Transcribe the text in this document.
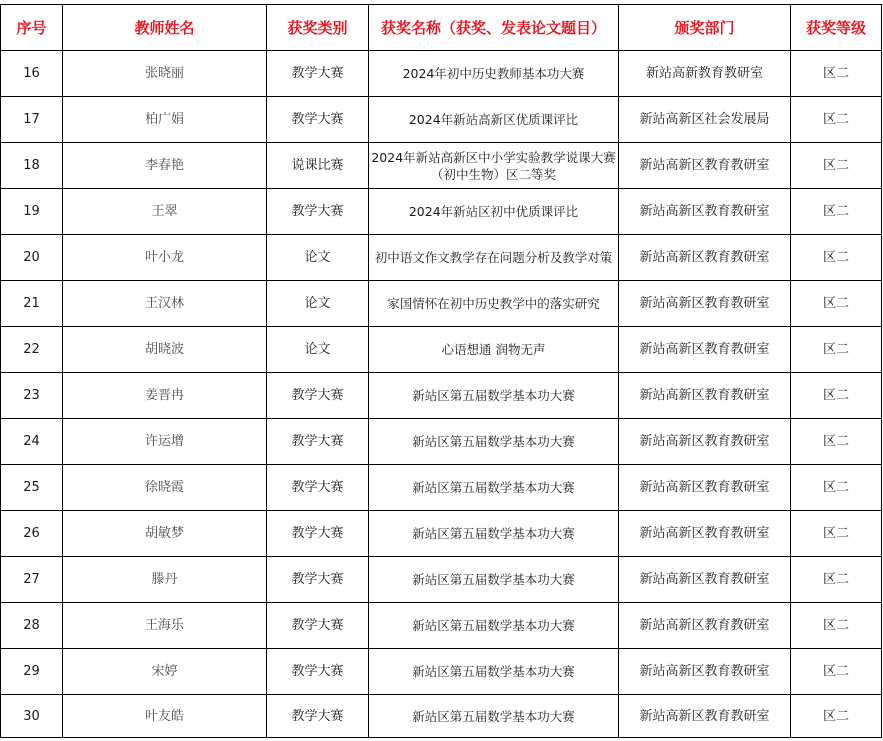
序号	教师姓名	获奖类别	获奖名称（获奖、发表论文题目）	颁奖部门	获奖等级
16	张晓丽	教学大赛	2024年初中历史教师基本功大赛	新站高新教育教研室	区二
17	柏广娟	教学大赛	2024年新站高新区优质课评比	新站高新区社会发展局	区二
18	李春艳	说课比赛	2024年新站高新区中小学实验教学说课大赛（初中生物）区二等奖	新站高新区教育教研室	区二
19	王翠	教学大赛	2024年新站区初中优质课评比	新站高新区教育教研室	区二
20	叶小龙	论文	初中语文作文教学存在问题分析及教学对策	新站高新区教育教研室	区二
21	王汉林	论文	家国情怀在初中历史教学中的落实研究	新站高新区教育教研室	区二
22	胡晓波	论文	心语想通 润物无声	新站高新区教育教研室	区二
23	姜晋冉	教学大赛	新站区第五届数学基本功大赛	新站高新区教育教研室	区二
24	许运增	教学大赛	新站区第五届数学基本功大赛	新站高新区教育教研室	区二
25	徐晓霞	教学大赛	新站区第五届数学基本功大赛	新站高新区教育教研室	区二
26	胡敏梦	教学大赛	新站区第五届数学基本功大赛	新站高新区教育教研室	区二
27	滕丹	教学大赛	新站区第五届数学基本功大赛	新站高新区教育教研室	区二
28	王海乐	教学大赛	新站区第五届数学基本功大赛	新站高新区教育教研室	区二
29	宋婷	教学大赛	新站区第五届数学基本功大赛	新站高新区教育教研室	区二
30	叶友皓	教学大赛	新站区第五届数学基本功大赛	新站高新区教育教研室	区二
